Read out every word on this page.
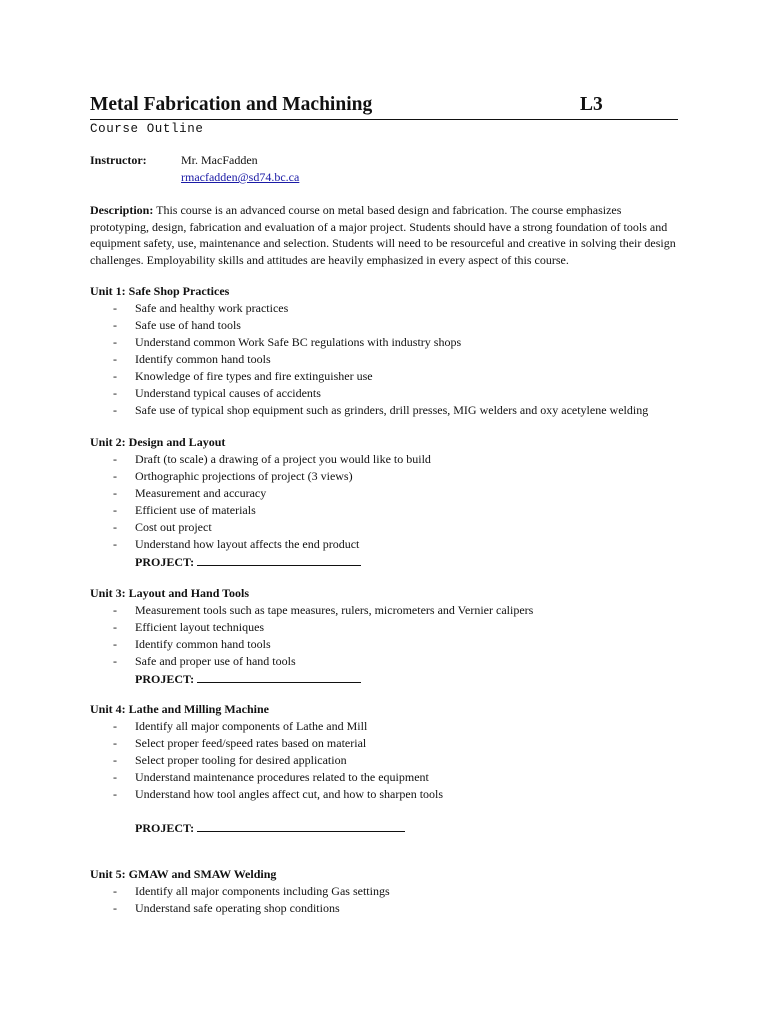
Metal Fabrication and Machining	L3
Course Outline
Instructor:	Mr. MacFadden
rmacfadden@sd74.bc.ca
Description: This course is an advanced course on metal based design and fabrication. The course emphasizes prototyping, design, fabrication and evaluation of a major project. Students should have a strong foundation of tools and equipment safety, use, maintenance and selection. Students will need to be resourceful and creative in solving their design challenges. Employability skills and attitudes are heavily emphasized in every aspect of this course.
Unit 1: Safe Shop Practices
- Safe and healthy work practices
- Safe use of hand tools
- Understand common Work Safe BC regulations with industry shops
- Identify common hand tools
- Knowledge of fire types and fire extinguisher use
- Understand typical causes of accidents
- Safe use of typical shop equipment such as grinders, drill presses, MIG welders and oxy acetylene welding
Unit 2: Design and Layout
- Draft (to scale) a drawing of a project you would like to build
- Orthographic projections of project (3 views)
- Measurement and accuracy
- Efficient use of materials
- Cost out project
- Understand how layout affects the end product
PROJECT:
Unit 3: Layout and Hand Tools
- Measurement tools such as tape measures, rulers, micrometers and Vernier calipers
- Efficient layout techniques
- Identify common hand tools
- Safe and proper use of hand tools
PROJECT:
Unit 4: Lathe and Milling Machine
- Identify all major components of Lathe and Mill
- Select proper feed/speed rates based on material
- Select proper tooling for desired application
- Understand maintenance procedures related to the equipment
- Understand how tool angles affect cut, and how to sharpen tools
PROJECT:
Unit 5: GMAW and SMAW Welding
- Identify all major components including Gas settings
- Understand safe operating shop conditions
